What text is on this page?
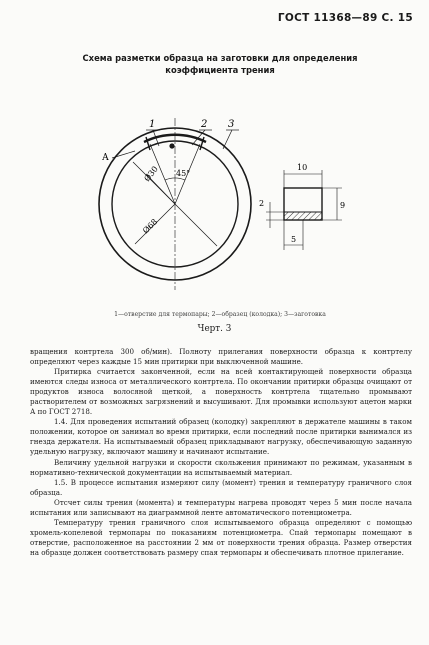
ГОСТ 11368—89 С. 15
Схема разметки образца на заготовки для определения
коэффициента трения
1	2 3
А
Ø30
Ø68
45°
10
9
2
5
1—отверстие для термопары; 2—образец (колодка); 3—заготовка
Черт. 3

вращения контртела 300 об/мин). Полноту прилегания поверхности образца к контртелу определяют через каждые 15 мин притирки при выключенной машине.

Притирка считается законченной, если на всей контактирующей поверхности образца имеются следы износа от металлического контртела. По окончании притирки образцы очищают от продуктов износа волосяной щеткой, а поверхность контртела тщательно промывают растворителем от возможных загрязнений и высушивают. Для промывки используют ацетон марки А по ГОСТ 2718.

1.4. Для проведения испытаний образец (колодку) закрепляют в держателе машины в таком положении, которое он занимал во время притирки, если последний после притирки вынимался из гнезда держателя. На испытываемый образец прикладывают нагрузку, обеспечивающую заданную удельную нагрузку, включают машину и начинают испытание.

Величину удельной нагрузки и скорости скольжения принимают по режимам, указанным в нормативно-технической документации на испытываемый материал.

1.5. В процессе испытания измеряют силу (момент) трения и температуру граничного слоя образца.

Отсчет силы трения (момента) и температуры нагрева проводят через 5 мин после начала испытания или записывают на диаграммной ленте автоматического потенциометра.

Температуру трения граничного слоя испытываемого образца определяют с помощью хромель-копелевой термопары по показаниям потенциометра. Спай термопары помещают в отверстие, расположенное на расстоянии 2 мм от поверхности трения образца. Размер отверстия на образце должен соответствовать размеру спая термопары и обеспечивать плотное прилегание.
